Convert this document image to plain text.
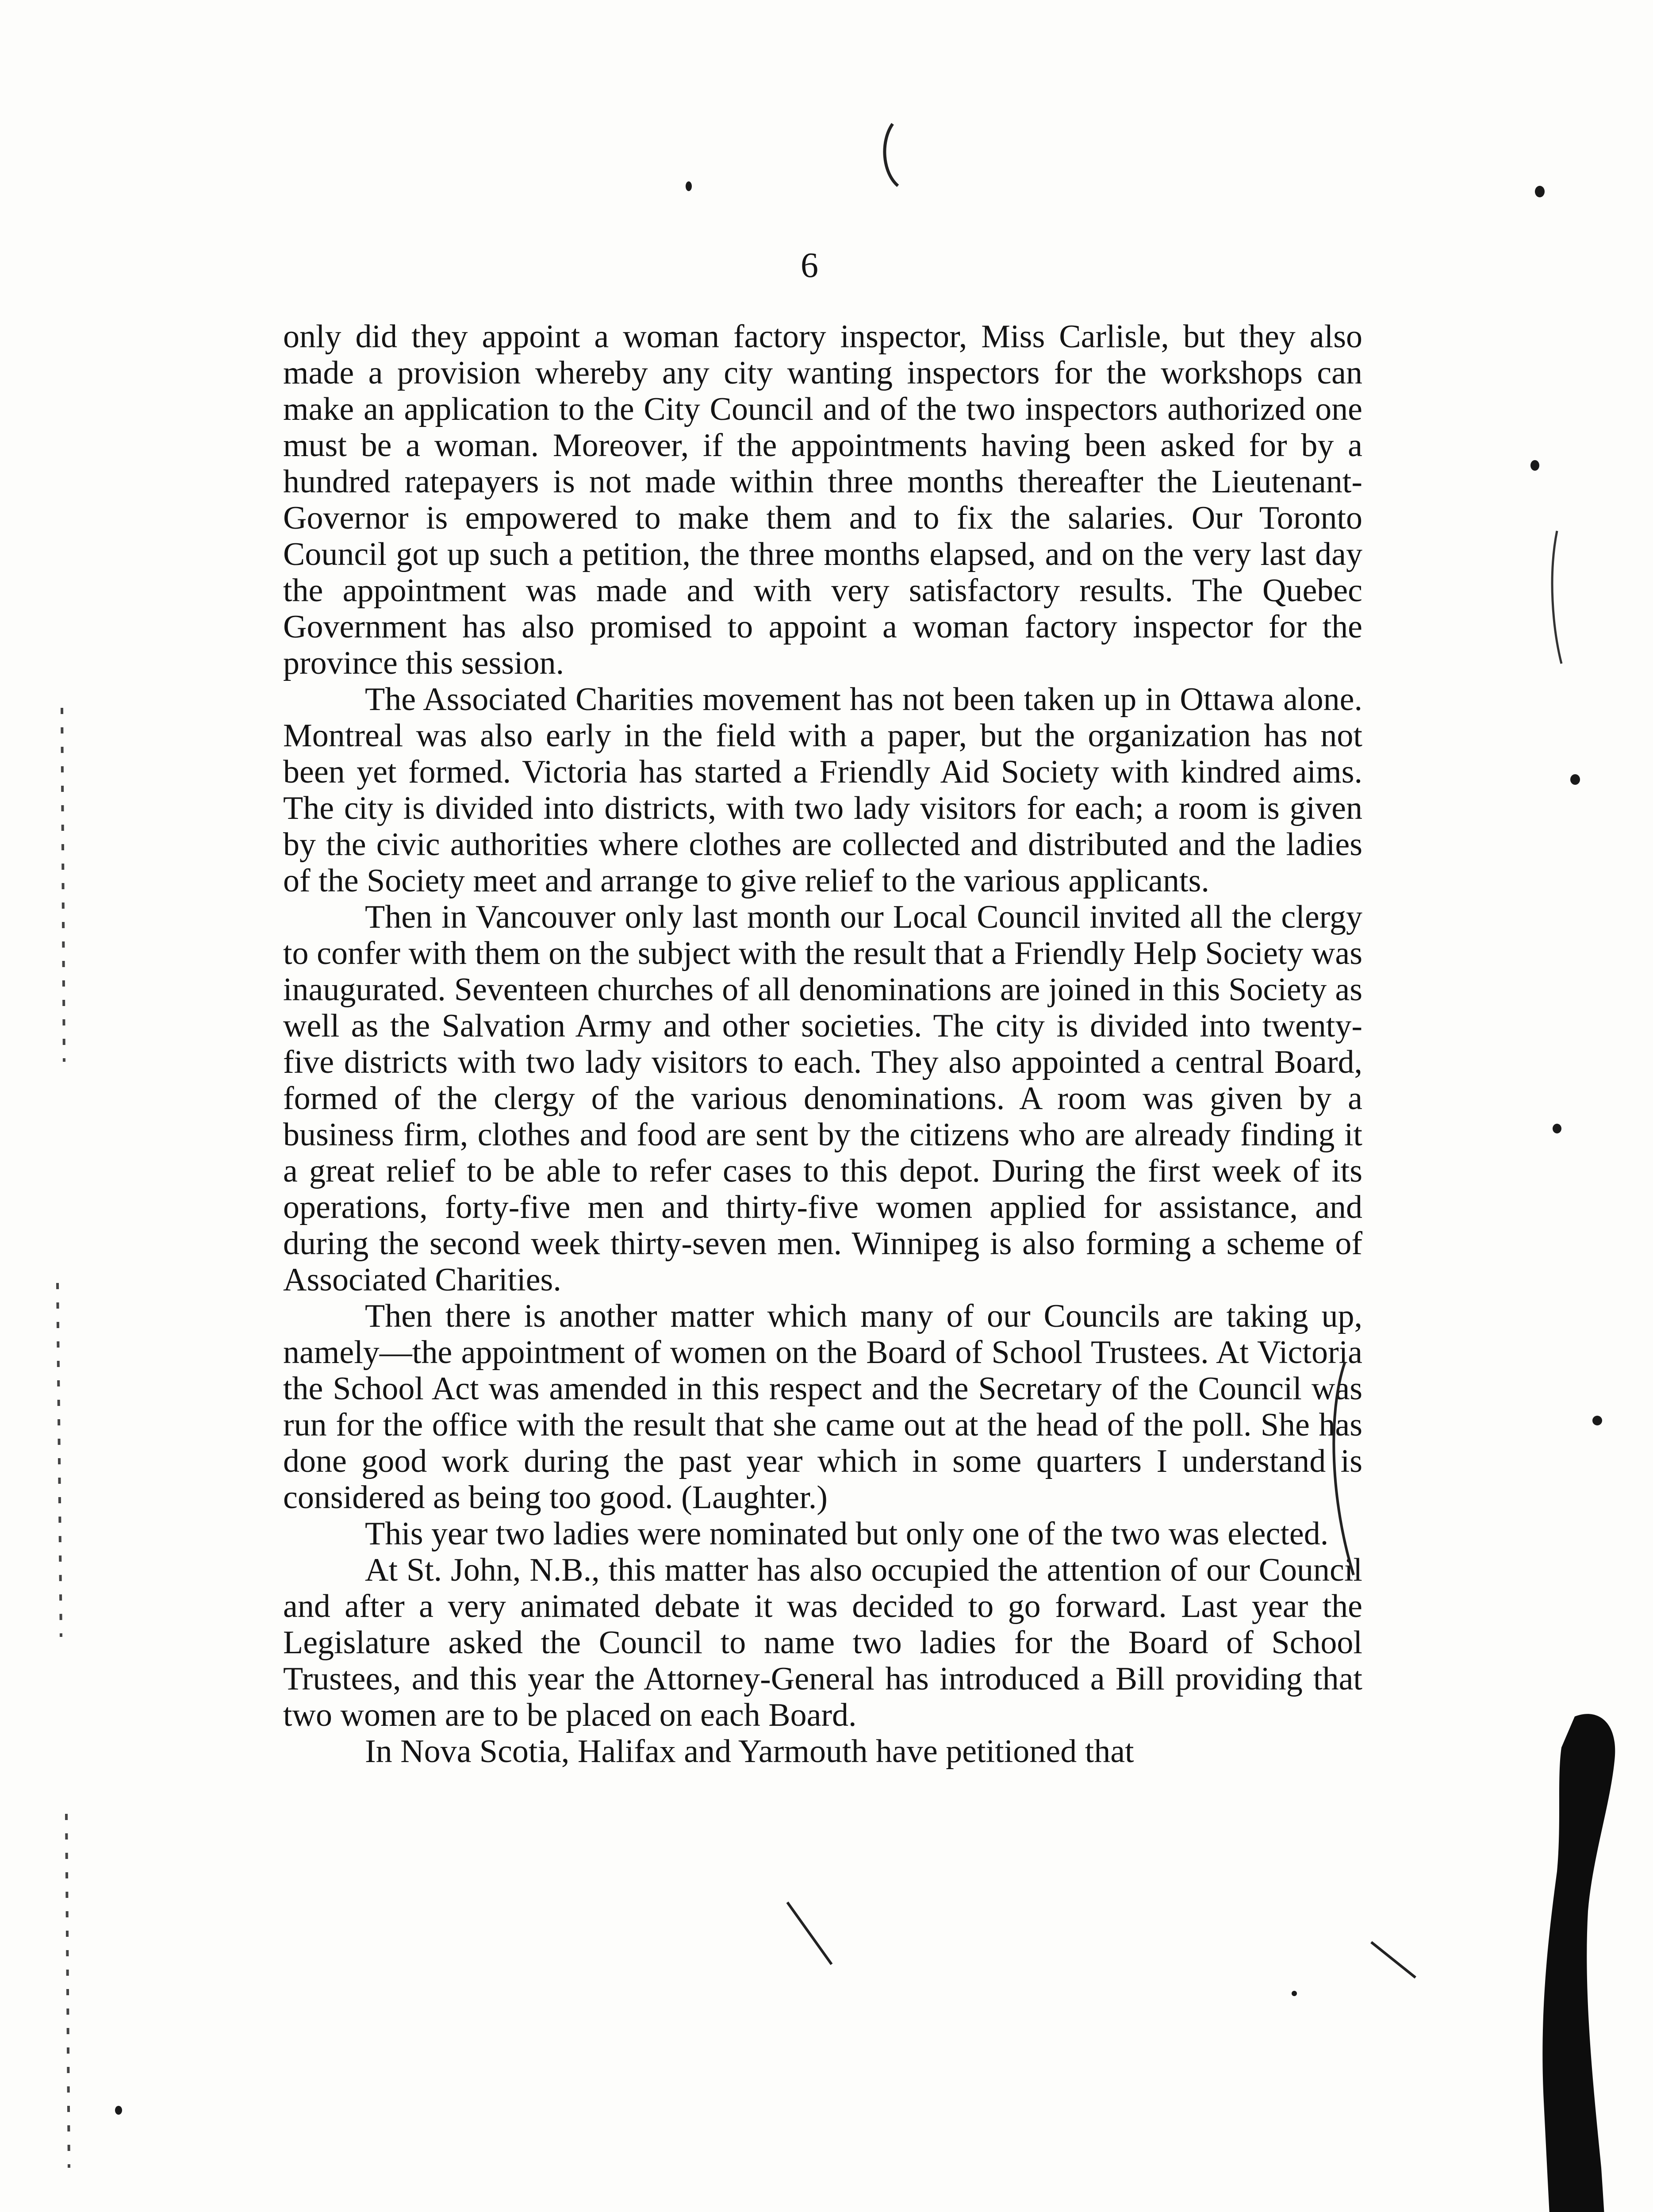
6

only did they appoint a woman factory inspector, Miss Carlisle, but they also made a provision whereby any city wanting inspectors for the workshops can make an application to the City Council and of the two inspectors authorized one must be a woman. Moreover, if the appointments having been asked for by a hundred ratepayers is not made within three months thereafter the Lieutenant-Governor is empowered to make them and to fix the salaries. Our Toronto Council got up such a petition, the three months elapsed, and on the very last day the appointment was made and with very satisfactory results. The Quebec Government has also promised to appoint a woman factory inspector for the province this session.

The Associated Charities movement has not been taken up in Ottawa alone. Montreal was also early in the field with a paper, but the organization has not been yet formed. Victoria has started a Friendly Aid Society with kindred aims. The city is divided into districts, with two lady visitors for each; a room is given by the civic authorities where clothes are collected and distributed and the ladies of the Society meet and arrange to give relief to the various applicants.

Then in Vancouver only last month our Local Council invited all the clergy to confer with them on the subject with the result that a Friendly Help Society was inaugurated. Seventeen churches of all denominations are joined in this Society as well as the Salvation Army and other societies. The city is divided into twenty-five districts with two lady visitors to each. They also appointed a central Board, formed of the clergy of the various denominations. A room was given by a business firm, clothes and food are sent by the citizens who are already finding it a great relief to be able to refer cases to this depot. During the first week of its operations, forty-five men and thirty-five women applied for assistance, and during the second week thirty-seven men. Winnipeg is also forming a scheme of Associated Charities.

Then there is another matter which many of our Councils are taking up, namely—the appointment of women on the Board of School Trustees. At Victoria the School Act was amended in this respect and the Secretary of the Council was run for the office with the result that she came out at the head of the poll. She has done good work during the past year which in some quarters I understand is considered as being too good. (Laughter.)

This year two ladies were nominated but only one of the two was elected.

At St. John, N.B., this matter has also occupied the attention of our Council and after a very animated debate it was decided to go forward. Last year the Legislature asked the Council to name two ladies for the Board of School Trustees, and this year the Attorney-General has introduced a Bill providing that two women are to be placed on each Board.

In Nova Scotia, Halifax and Yarmouth have petitioned that
